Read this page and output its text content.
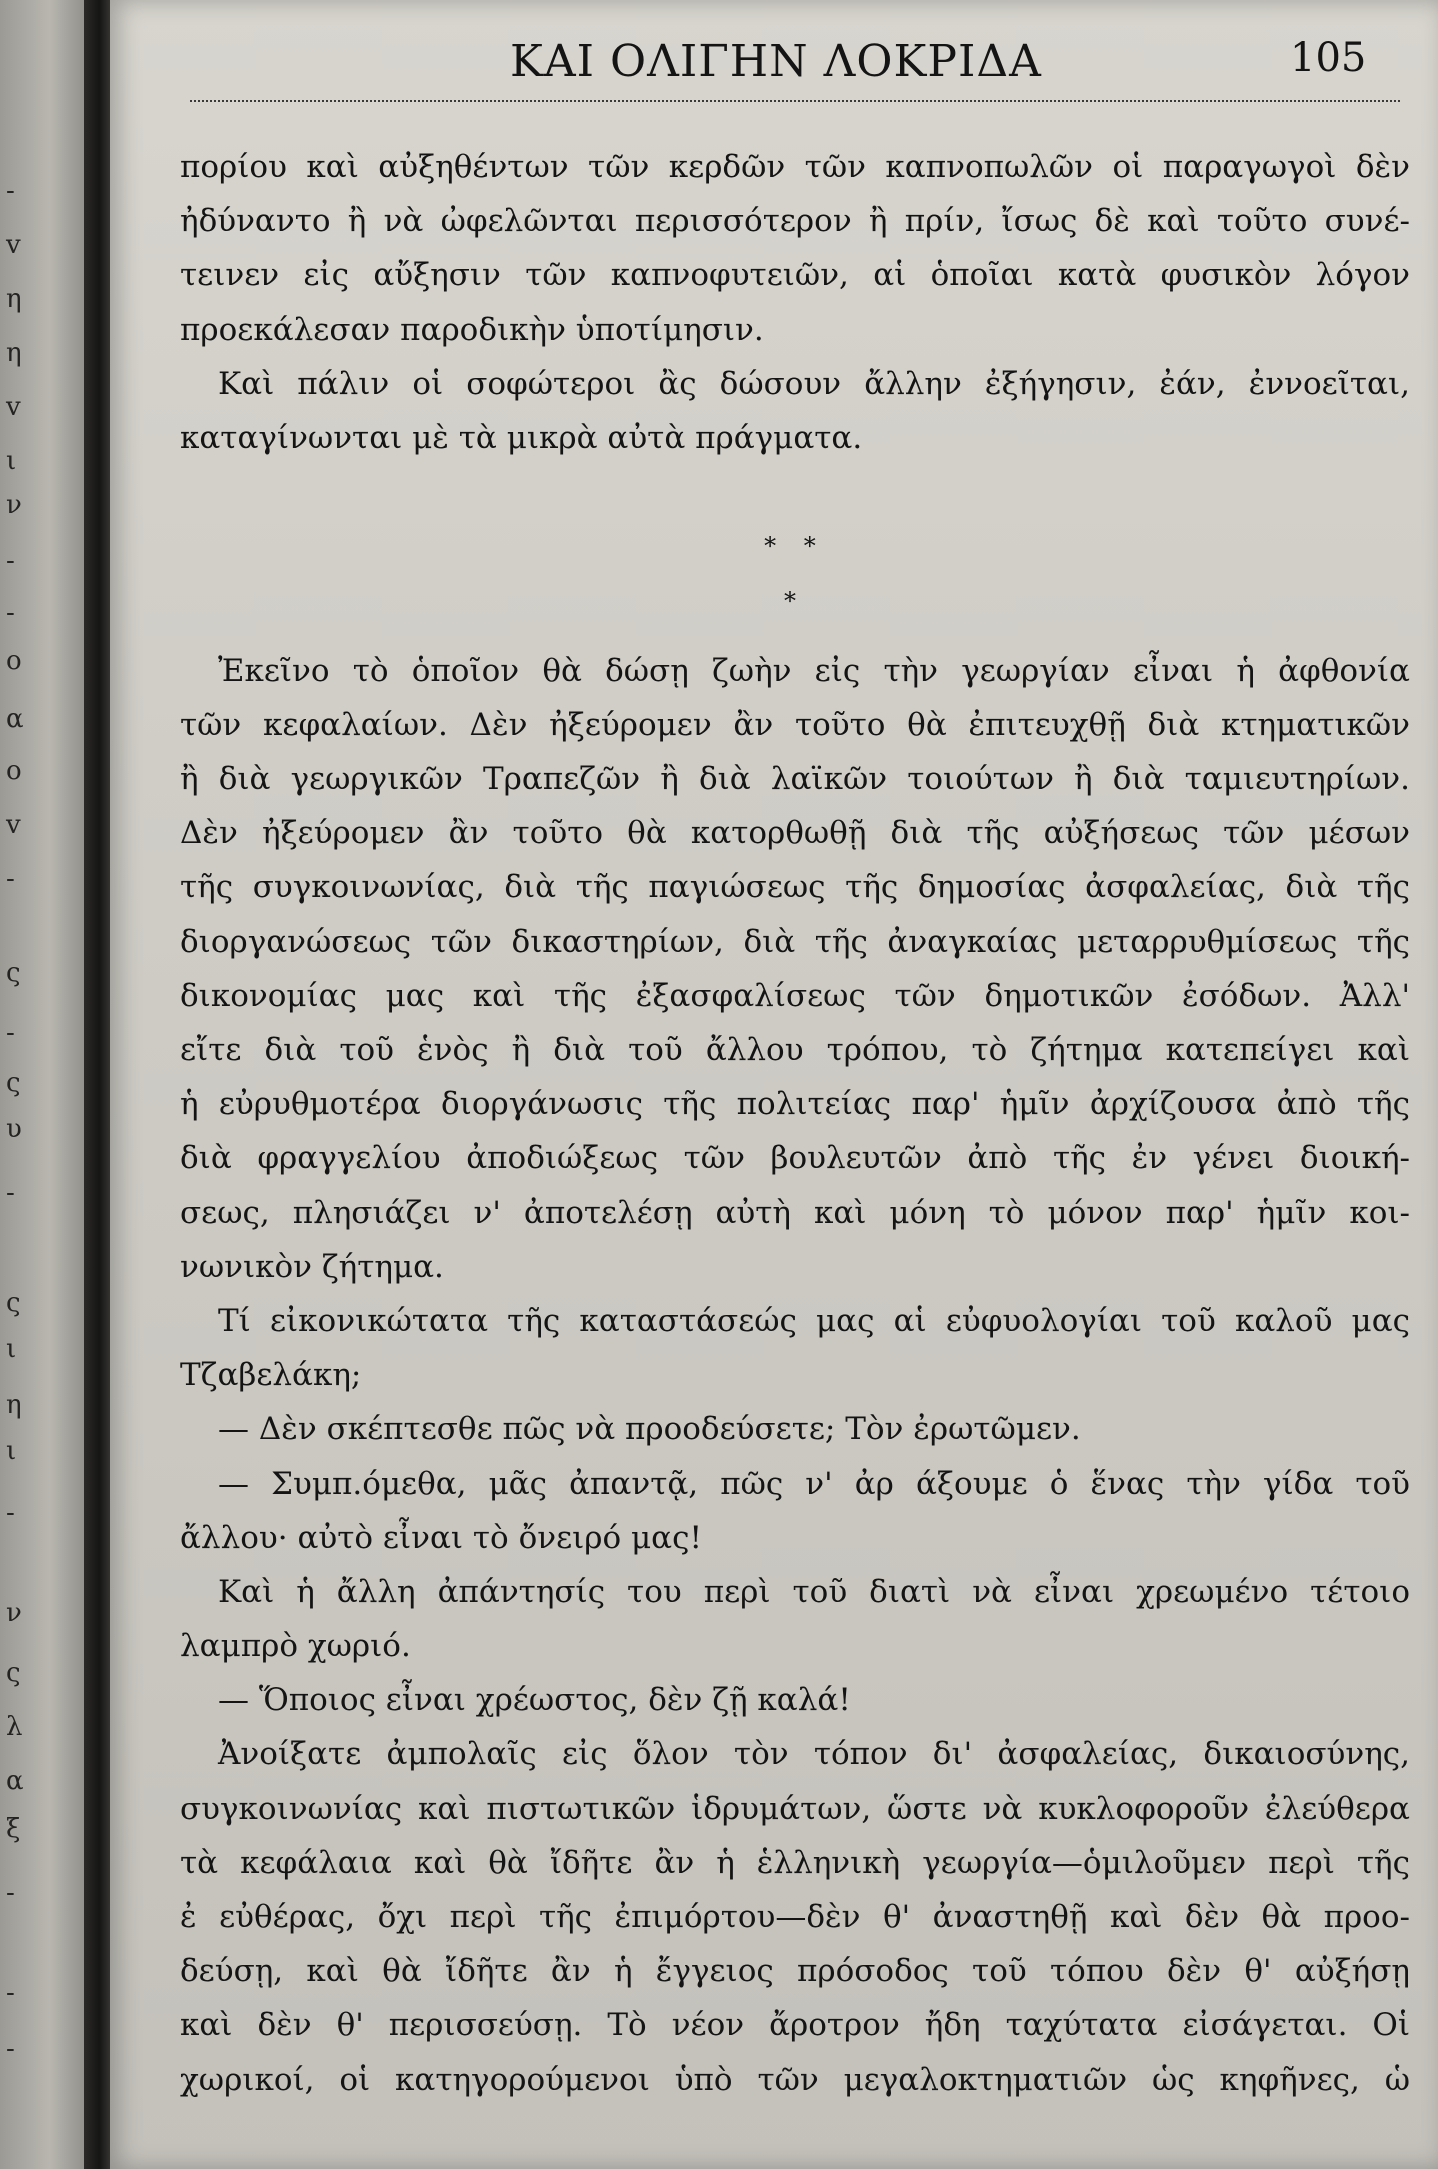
-
v
η
η
v
ι
ν
-
-
ο
α
ο
v
-
ς
-
ς
υ
-
ς
ι
η
ι
-
ν
ς
λ
α
ξ
-
-
-
ΚΑΙ ΟΛΙΓΗΝ ΛΟΚΡΙΔΑ	105
πορίου καὶ αὐξηθέντων τῶν κερδῶν τῶν καπνοπωλῶν οἱ παραγωγοὶ δὲν
ἠδύναντο ἢ νὰ ὠφελῶνται περισσότερον ἢ πρίν, ἴσως δὲ καὶ τοῦτο συνέ-
τεινεν εἰς αὔξησιν τῶν καπνοφυτειῶν, αἱ ὁποῖαι κατὰ φυσικὸν λόγον
προεκάλεσαν παροδικὴν ὑποτίμησιν.
Καὶ πάλιν οἱ σοφώτεροι ἂς δώσουν ἄλλην ἐξήγησιν, ἐάν, ἐννοεῖται,
καταγίνωνται μὲ τὰ μικρὰ αὐτὰ πράγματα.
* *
*
Ἐκεῖνο τὸ ὁποῖον θὰ δώσῃ ζωὴν εἰς τὴν γεωργίαν εἶναι ἡ ἀφθονία
τῶν κεφαλαίων. Δὲν ἠξεύρομεν ἂν τοῦτο θὰ ἐπιτευχθῇ διὰ κτηματικῶν
ἢ διὰ γεωργικῶν Τραπεζῶν ἢ διὰ λαϊκῶν τοιούτων ἢ διὰ ταμιευτηρίων.
Δὲν ἠξεύρομεν ἂν τοῦτο θὰ κατορθωθῇ διὰ τῆς αὐξήσεως τῶν μέσων
τῆς συγκοινωνίας, διὰ τῆς παγιώσεως τῆς δημοσίας ἀσφαλείας, διὰ τῆς
διοργανώσεως τῶν δικαστηρίων, διὰ τῆς ἀναγκαίας μεταρρυθμίσεως τῆς
δικονομίας μας καὶ τῆς ἐξασφαλίσεως τῶν δημοτικῶν ἐσόδων. Ἀλλ'
εἴτε διὰ τοῦ ἑνὸς ἢ διὰ τοῦ ἄλλου τρόπου, τὸ ζήτημα κατεπείγει καὶ
ἡ εὐρυθμοτέρα διοργάνωσις τῆς πολιτείας παρ' ἡμῖν ἀρχίζουσα ἀπὸ τῆς
διὰ φραγγελίου ἀποδιώξεως τῶν βουλευτῶν ἀπὸ τῆς ἐν γένει διοική-
σεως, πλησιάζει ν' ἀποτελέσῃ αὐτὴ καὶ μόνη τὸ μόνον παρ' ἡμῖν κοι-
νωνικὸν ζήτημα.
Τί εἰκονικώτατα τῆς καταστάσεώς μας αἱ εὐφυολογίαι τοῦ καλοῦ μας
Τζαβελάκη;
— Δὲν σκέπτεσθε πῶς νὰ προοδεύσετε; Τὸν ἐρωτῶμεν.
— Συμπ.όμεθα, μᾶς ἀπαντᾷ, πῶς ν' ἀρ άξουμε ὁ ἕνας τὴν γίδα τοῦ
ἄλλου· αὐτὸ εἶναι τὸ ὄνειρό μας!
Καὶ ἡ ἄλλη ἀπάντησίς του περὶ τοῦ διατὶ νὰ εἶναι χρεωμένο τέτοιο
λαμπρὸ χωριό.
— Ὅποιος εἶναι χρέωστος, δὲν ζῇ καλά!
Ἀνοίξατε ἀμπολαῖς εἰς ὅλον τὸν τόπον δι' ἀσφαλείας, δικαιοσύνης,
συγκοινωνίας καὶ πιστωτικῶν ἱδρυμάτων, ὥστε νὰ κυκλοφοροῦν ἐλεύθερα
τὰ κεφάλαια καὶ θὰ ἴδῆτε ἂν ἡ ἑλληνικὴ γεωργία—ὁμιλοῦμεν περὶ τῆς
ἐ εὐθέρας, ὄχι περὶ τῆς ἐπιμόρτου—δὲν θ' ἀναστηθῇ καὶ δὲν θὰ προο-
δεύσῃ, καὶ θὰ ἴδῆτε ἂν ἡ ἔγγειος πρόσοδος τοῦ τόπου δὲν θ' αὐξήσῃ
καὶ δὲν θ' περισσεύσῃ. Τὸ νέον ἄροτρον ἤδη ταχύτατα εἰσάγεται. Οἱ
χωρικοί, οἱ κατηγορούμενοι ὑπὸ τῶν μεγαλοκτηματιῶν ὡς κηφῆνες, ὡ
